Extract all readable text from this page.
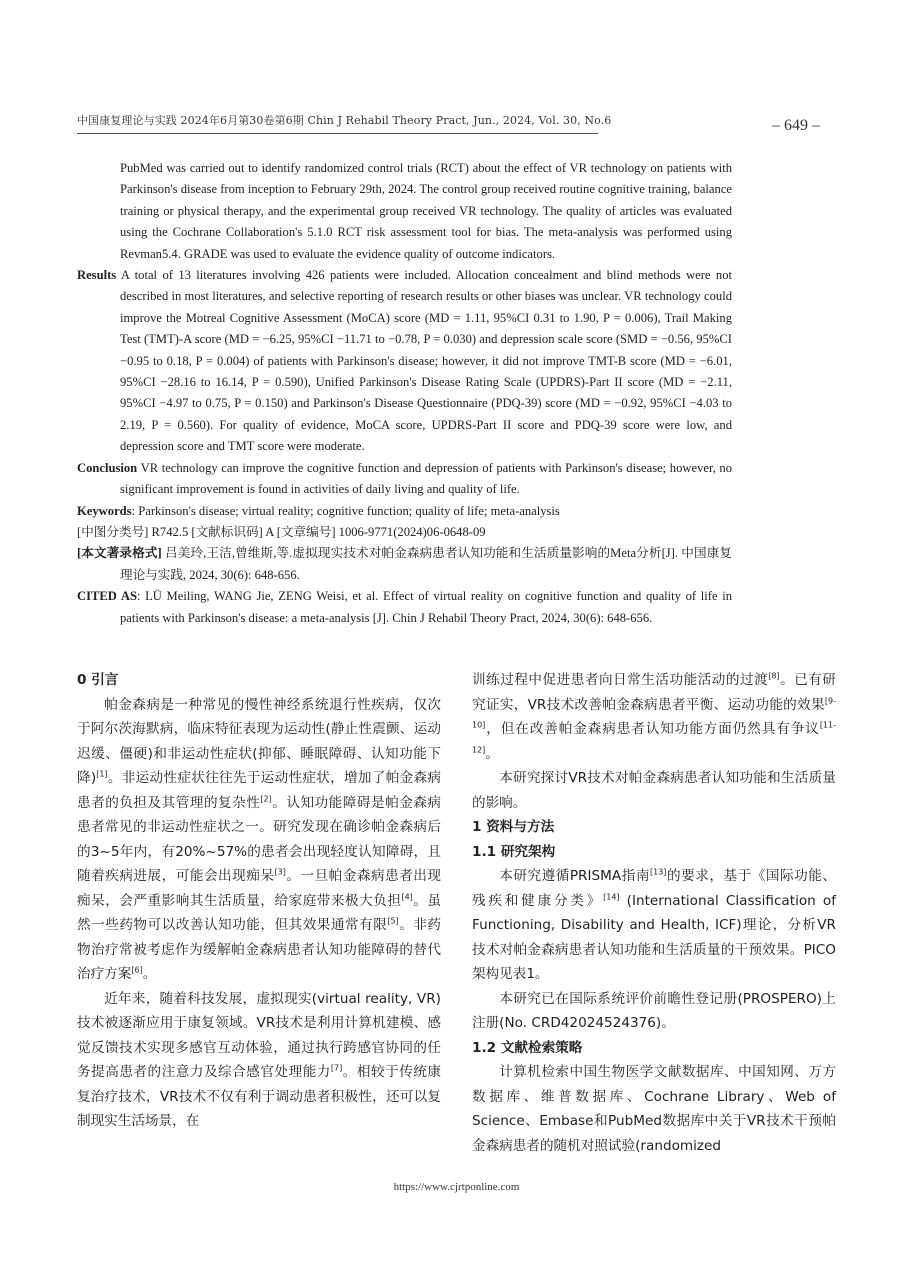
中国康复理论与实践 2024年6月第30卷第6期 Chin J Rehabil Theory Pract, Jun., 2024, Vol. 30, No.6	– 649 –

PubMed was carried out to identify randomized control trials (RCT) about the effect of VR technology on patients with Parkinson's disease from inception to February 29th, 2024. The control group received routine cognitive training, balance training or physical therapy, and the experimental group received VR technology. The quality of articles was evaluated using the Cochrane Collaboration's 5.1.0 RCT risk assessment tool for bias. The meta-analysis was performed using Revman5.4. GRADE was used to evaluate the evidence quality of outcome indicators.

Results A total of 13 literatures involving 426 patients were included. Allocation concealment and blind methods were not described in most literatures, and selective reporting of research results or other biases was unclear. VR technology could improve the Motreal Cognitive Assessment (MoCA) score (MD = 1.11, 95%CI 0.31 to 1.90, P = 0.006), Trail Making Test (TMT)-A score (MD = −6.25, 95%CI −11.71 to −0.78, P = 0.030) and depression scale score (SMD = −0.56, 95%CI −0.95 to 0.18, P = 0.004) of patients with Parkinson's disease; however, it did not improve TMT-B score (MD = −6.01, 95%CI −28.16 to 16.14, P = 0.590), Unified Parkinson's Disease Rating Scale (UPDRS)-Part II score (MD = −2.11, 95%CI −4.97 to 0.75, P = 0.150) and Parkinson's Disease Questionnaire (PDQ-39) score (MD = −0.92, 95%CI −4.03 to 2.19, P = 0.560). For quality of evidence, MoCA score, UPDRS-Part II score and PDQ-39 score were low, and depression score and TMT score were moderate.

Conclusion VR technology can improve the cognitive function and depression of patients with Parkinson's disease; however, no significant improvement is found in activities of daily living and quality of life.

Keywords: Parkinson's disease; virtual reality; cognitive function; quality of life; meta-analysis

[中图分类号] R742.5 [文献标识码] A [文章编号] 1006-9771(2024)06-0648-09

[本文著录格式] 吕美玲,王洁,曾维斯,等.虚拟现实技术对帕金森病患者认知功能和生活质量影响的Meta分析[J]. 中国康复理论与实践, 2024, 30(6): 648-656.

CITED AS: LÜ Meiling, WANG Jie, ZENG Weisi, et al. Effect of virtual reality on cognitive function and quality of life in patients with Parkinson's disease: a meta-analysis [J]. Chin J Rehabil Theory Pract, 2024, 30(6): 648-656.

0 引言

帕金森病是一种常见的慢性神经系统退行性疾病，仅次于阿尔茨海默病，临床特征表现为运动性(静止性震颤、运动迟缓、僵硬)和非运动性症状(抑郁、睡眠障碍、认知功能下降)[1]。非运动性症状往往先于运动性症状，增加了帕金森病患者的负担及其管理的复杂性[2]。认知功能障碍是帕金森病患者常见的非运动性症状之一。研究发现在确诊帕金森病后的3~5年内，有20%~57%的患者会出现轻度认知障碍，且随着疾病进展，可能会出现痴呆[3]。一旦帕金森病患者出现痴呆，会严重影响其生活质量，给家庭带来极大负担[4]。虽然一些药物可以改善认知功能，但其效果通常有限[5]。非药物治疗常被考虑作为缓解帕金森病患者认知功能障碍的替代治疗方案[6]。

近年来，随着科技发展，虚拟现实(virtual reality, VR)技术被逐渐应用于康复领域。VR技术是利用计算机建模、感觉反馈技术实现多感官互动体验，通过执行跨感官协同的任务提高患者的注意力及综合感官处理能力[7]。相较于传统康复治疗技术，VR技术不仅有利于调动患者积极性，还可以复制现实生活场景，在

训练过程中促进患者向日常生活功能活动的过渡[8]。已有研究证实，VR技术改善帕金森病患者平衡、运动功能的效果[9-10]，但在改善帕金森病患者认知功能方面仍然具有争议[11-12]。

本研究探讨VR技术对帕金森病患者认知功能和生活质量的影响。

1 资料与方法

1.1 研究架构

本研究遵循PRISMA指南[13]的要求，基于《国际功能、残疾和健康分类》[14] (International Classification of Functioning, Disability and Health, ICF)理论，分析VR技术对帕金森病患者认知功能和生活质量的干预效果。PICO架构见表1。

本研究已在国际系统评价前瞻性登记册(PROSPERO)上注册(No. CRD42024524376)。

1.2 文献检索策略

计算机检索中国生物医学文献数据库、中国知网、万方数据库、维普数据库、Cochrane Library、Web of Science、Embase和PubMed数据库中关于VR技术干预帕金森病患者的随机对照试验(randomized

https://www.cjrtponline.com
